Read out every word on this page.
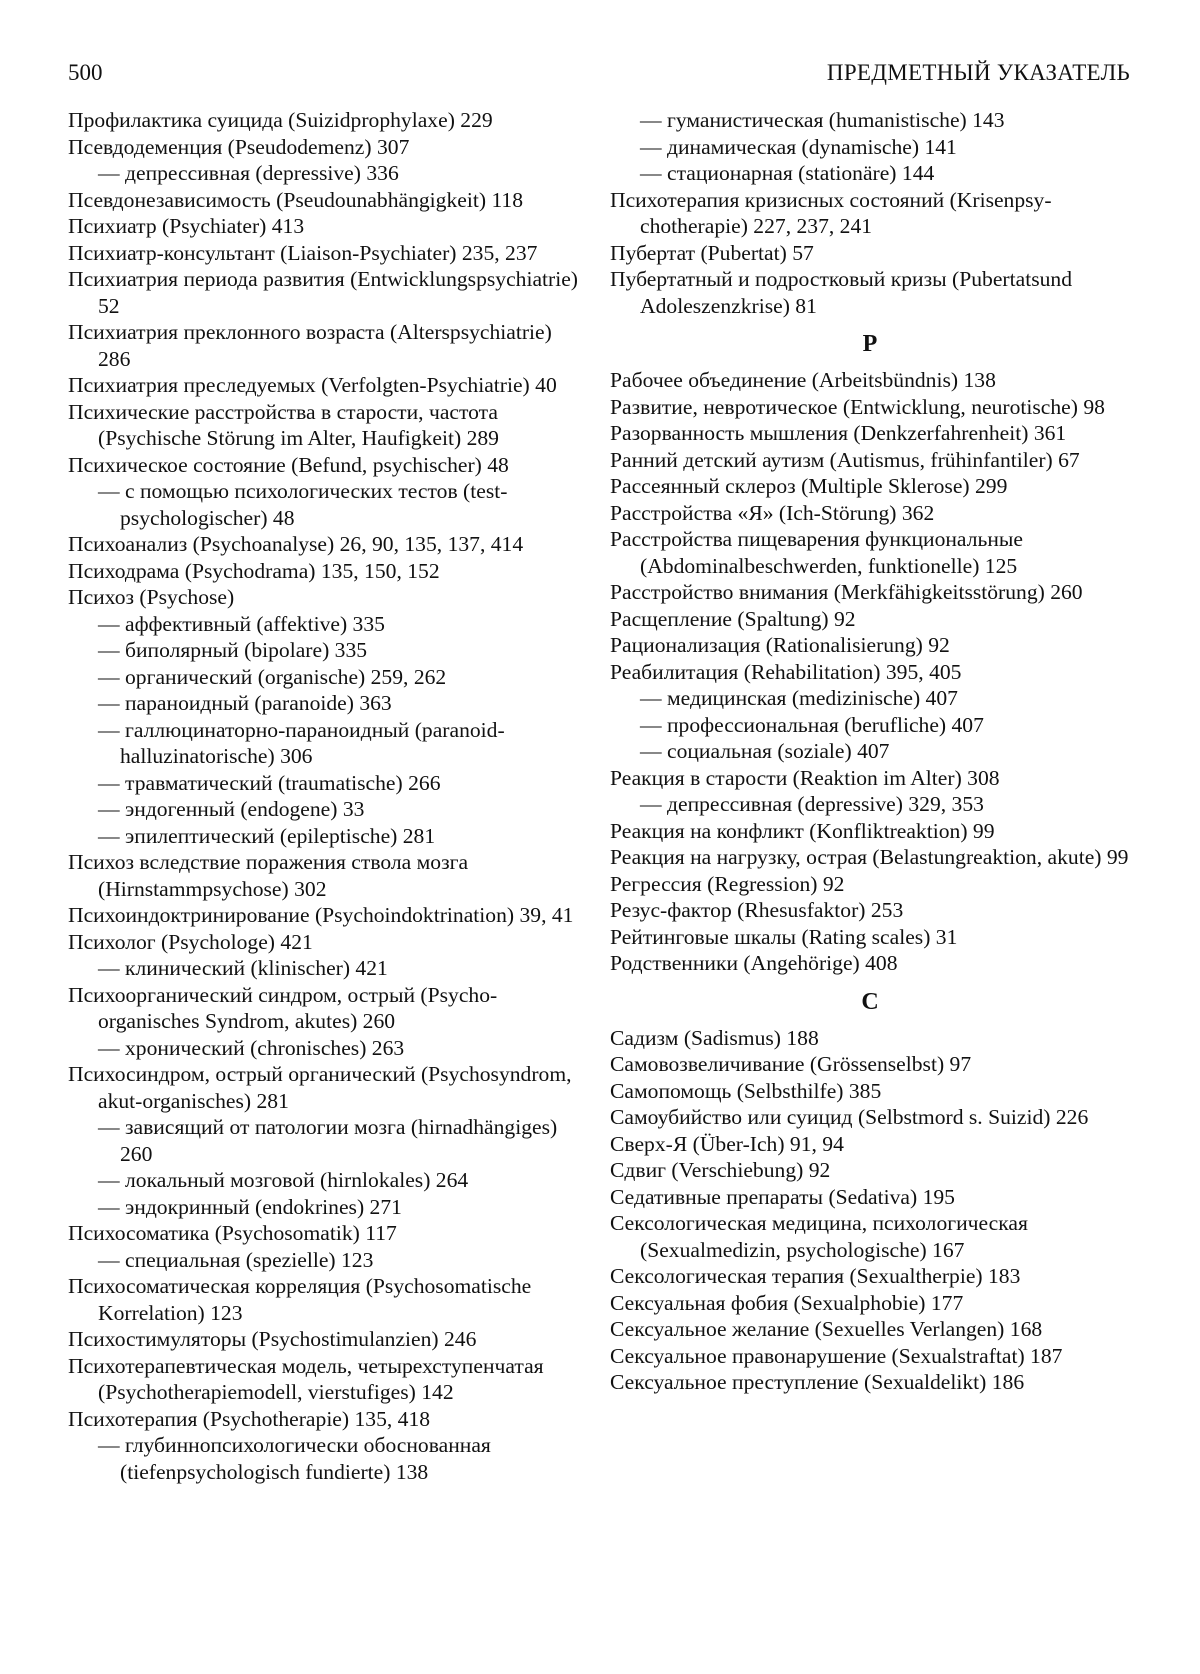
500	ПРЕДМЕТНЫЙ УКАЗАТЕЛЬ

Профилактика суицида (Suizidprophylaxe) 229

Псевдодеменция (Pseudodemenz) 307

— депрессивная (depressive) 336

Псевдонезависимость (Pseudounabhängigkeit) 118

Психиатр (Psychiater) 413

Психиатр-консультант (Liaison-Psychiater) 235, 237

Психиатрия периода развития (Entwicklungspsychiatrie) 52

Психиатрия преклонного возраста (Alterspsychiatrie) 286

Психиатрия преследуемых (Verfolgten-Psychiatrie) 40

Психические расстройства в старости, частота (Psychische Störung im Alter, Haufigkeit) 289

Психическое состояние (Befund, psychischer) 48

— с помощью психологических тестов (testpsychologischer) 48

Психоанализ (Psychoanalyse) 26, 90, 135, 137, 414

Психодрама (Psychodrama) 135, 150, 152

Психоз (Psychose)

— аффективный (affektive) 335

— биполярный (bipolare) 335

— органический (organische) 259, 262

— параноидный (paranoide) 363

— галлюцинаторно-параноидный (paranoidhalluzinatorische) 306

— травматический (traumatische) 266

— эндогенный (endogene) 33

— эпилептический (epileptische) 281

Психоз вследствие поражения ствола мозга (Hirnstammpsychose) 302

Психоиндоктринирование (Psychoindoktrination) 39, 41

Психолог (Psychologe) 421

— клинический (klinischer) 421

Психоорганический синдром, острый (Psychoorganisches Syndrom, akutes) 260

— хронический (chronisches) 263

Психосиндром, острый органический (Psychosyndrom, akut-organisches) 281

— зависящий от патологии мозга (hirnadhängiges) 260

— локальный мозговой (hirnlokales) 264

— эндокринный (endokrines) 271

Психосоматика (Psychosomatik) 117

— специальная (spezielle) 123

Психосоматическая корреляция (Psychosomatische Korrelation) 123

Психостимуляторы (Psychostimulanzien) 246

Психотерапевтическая модель, четырехступенчатая (Psychotherapiemodell, vierstufiges) 142

Психотерапия (Psychotherapie) 135, 418

— глубиннопсихологически обоснованная (tiefenpsychologisch fundierte) 138

— гуманистическая (humanistische) 143

— динамическая (dynamische) 141

— стационарная (stationäre) 144

Психотерапия кризисных состояний (Krisenpsychotherapie) 227, 237, 241

Пубертат (Pubertat) 57

Пубертатный и подростковый кризы (Pubertatsund Adoleszenzkrise) 81

Р

Рабочее объединение (Arbeitsbündnis) 138

Развитие, невротическое (Entwicklung, neurotische) 98

Разорванность мышления (Denkzerfahrenheit) 361

Ранний детский аутизм (Autismus, frühinfantiler) 67

Рассеянный склероз (Multiple Sklerose) 299

Расстройства «Я» (Ich-Störung) 362

Расстройства пищеварения функциональные (Abdominalbeschwerden, funktionelle) 125

Расстройство внимания (Merkfähigkeitsstörung) 260

Расщепление (Spaltung) 92

Рационализация (Rationalisierung) 92

Реабилитация (Rehabilitation) 395, 405

— медицинская (medizinische) 407

— профессиональная (berufliche) 407

— социальная (soziale) 407

Реакция в старости (Reaktion im Alter) 308

— депрессивная (depressive) 329, 353

Реакция на конфликт (Konfliktreaktion) 99

Реакция на нагрузку, острая (Belastungreaktion, akute) 99

Регрессия (Regression) 92

Резус-фактор (Rhesusfaktor) 253

Рейтинговые шкалы (Rating scales) 31

Родственники (Angehörige) 408

С

Садизм (Sadismus) 188

Самовозвеличивание (Grössenselbst) 97

Самопомощь (Selbsthilfe) 385

Самоубийство или суицид (Selbstmord s. Suizid) 226

Сверх-Я (Über-Ich) 91, 94

Сдвиг (Verschiebung) 92

Седативные препараты (Sedativa) 195

Сексологическая медицина, психологическая (Sexualmedizin, psychologische) 167

Сексологическая терапия (Sexualtherpie) 183

Сексуальная фобия (Sexualphobie) 177

Сексуальное желание (Sexuelles Verlangen) 168

Сексуальное правонарушение (Sexualstraftat) 187

Сексуальное преступление (Sexualdelikt) 186
